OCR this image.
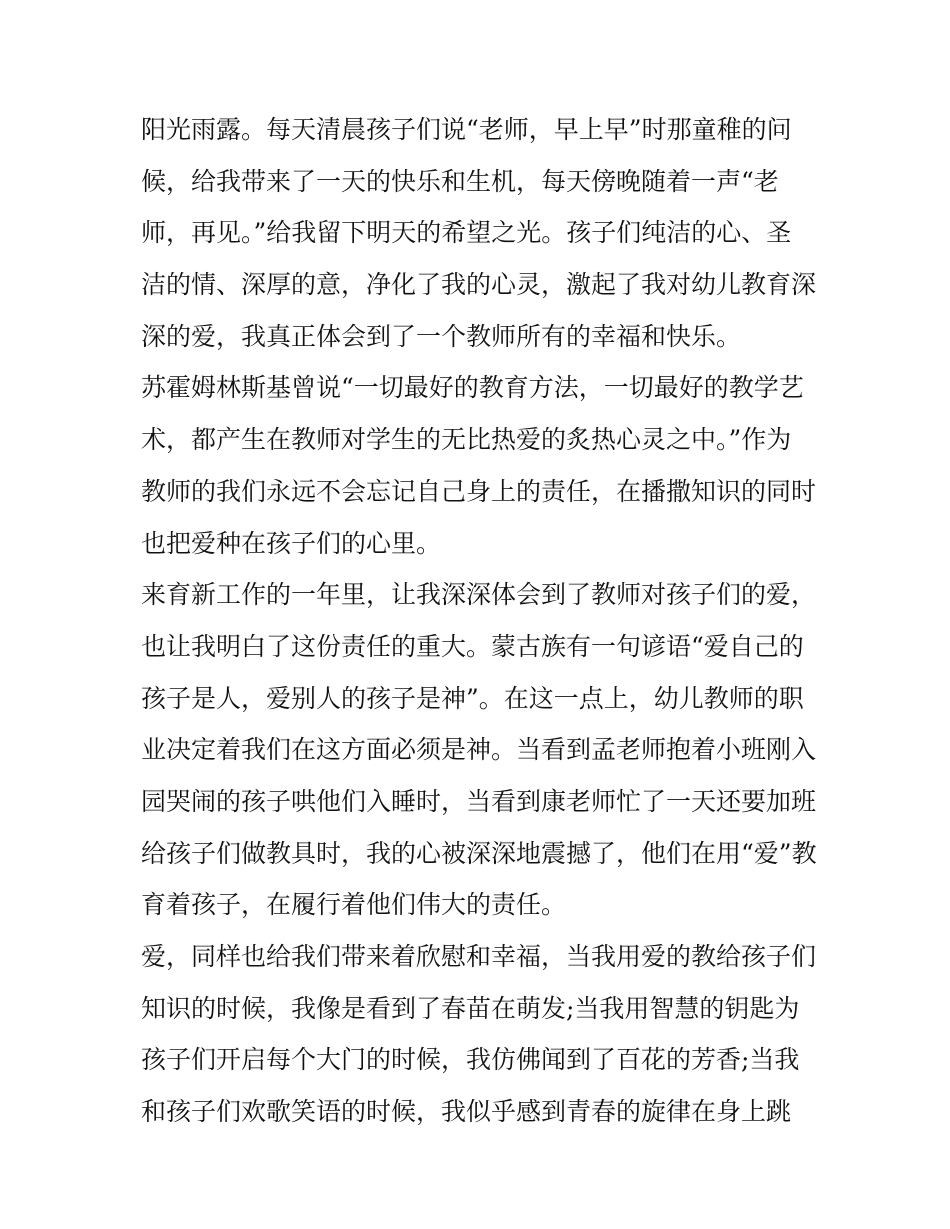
阳光雨露。每天清晨孩子们说“老师，早上早”时那童稚的问
候，给我带来了一天的快乐和生机，每天傍晚随着一声“老
师，再见。”给我留下明天的希望之光。孩子们纯洁的心、圣
洁的情、深厚的意，净化了我的心灵，激起了我对幼儿教育深
深的爱，我真正体会到了一个教师所有的幸福和快乐。
苏霍姆林斯基曾说“一切最好的教育方法，一切最好的教学艺
术，都产生在教师对学生的无比热爱的炙热心灵之中。”作为
教师的我们永远不会忘记自己身上的责任，在播撒知识的同时
也把爱种在孩子们的心里。
来育新工作的一年里，让我深深体会到了教师对孩子们的爱，
也让我明白了这份责任的重大。蒙古族有一句谚语“爱自己的
孩子是人，爱别人的孩子是神”。在这一点上，幼儿教师的职
业决定着我们在这方面必须是神。当看到孟老师抱着小班刚入
园哭闹的孩子哄他们入睡时，当看到康老师忙了一天还要加班
给孩子们做教具时，我的心被深深地震撼了，他们在用“爱”教
育着孩子，在履行着他们伟大的责任。
爱，同样也给我们带来着欣慰和幸福，当我用爱的教给孩子们
知识的时候，我像是看到了春苗在萌发;当我用智慧的钥匙为
孩子们开启每个大门的时候，我仿佛闻到了百花的芳香;当我
和孩子们欢歌笑语的时候，我似乎感到青春的旋律在身上跳
